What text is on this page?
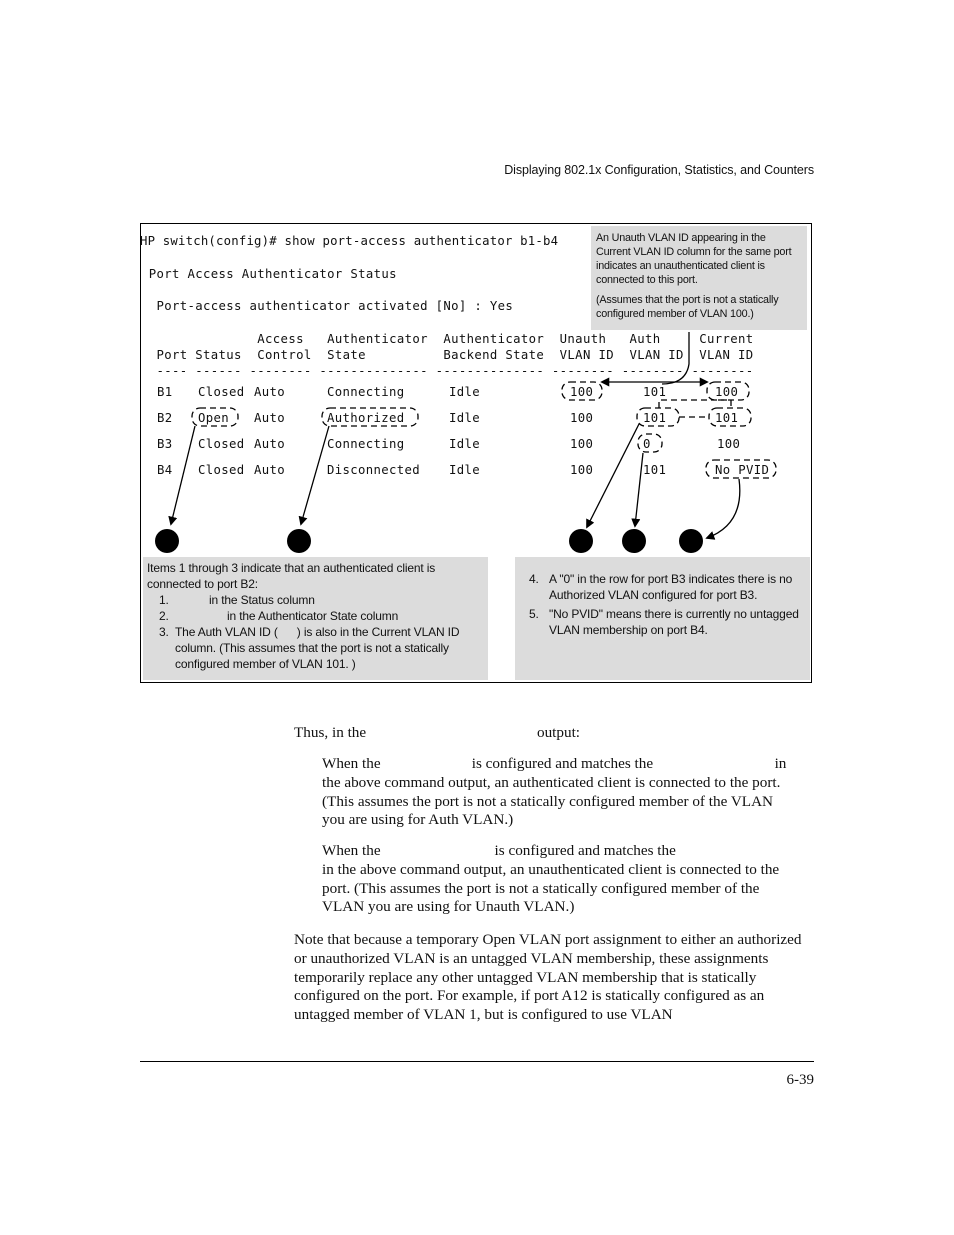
Displaying 802.1x Configuration, Statistics, and Counters
HP switch(config)# show port-access authenticator b1-b4
Port Access Authenticator Status
Port-access authenticator activated [No] : Yes
Access   Authenticator  Authenticator  Unauth   Auth     Current
Port Status  Control  State          Backend State  VLAN ID  VLAN ID  VLAN ID
---- ------ -------- -------------- -------------- -------- -------- --------
B1 Closed Auto	Connecting	Idle	100	101	100
B2 Open Auto	Authorized	Idle	100	101	101
B3 Closed Auto	Connecting	Idle	100	0	100
B4 Closed Auto	Disconnected Idle	100	101	No PVID

An Unauth VLAN ID appearing in the Current VLAN ID column for the same port indicates an unauthenticated client is connected to this port.

(Assumes that the port is not a statically configured member of VLAN 100.)

Items 1 through 3 indicate that an authenticated client is connected to port B2:
1.	in the Status column
2.	in the Authenticator State column
3. The Auth VLAN ID (      ) is also in the Current VLAN ID column. (This assumes that the port is not a statically configured member of VLAN 101. )
4. A "0" in the row for port B3 indicates there is no Authorized VLAN configured for port B3.
5. "No PVID" means there is currently no untagged VLAN membership on port B4.
Thus, in the                                             output:
When the                        is configured and matches the                                in the above command output, an authenticated client is connected to the port. (This assumes the port is not a statically configured member of the VLAN you are using for Auth VLAN.)
When the                              is configured and matches the                                in the above command output, an unauthenticated client is connected to the port. (This assumes the port is not a statically configured member of the VLAN you are using for Unauth VLAN.)
Note that because a temporary Open VLAN port assignment to either an authorized or unauthorized VLAN is an untagged VLAN membership, these assignments temporarily replace any other untagged VLAN membership that is statically configured on the port. For example, if port A12 is statically configured as an untagged member of VLAN 1, but is configured to use VLAN
6-39
